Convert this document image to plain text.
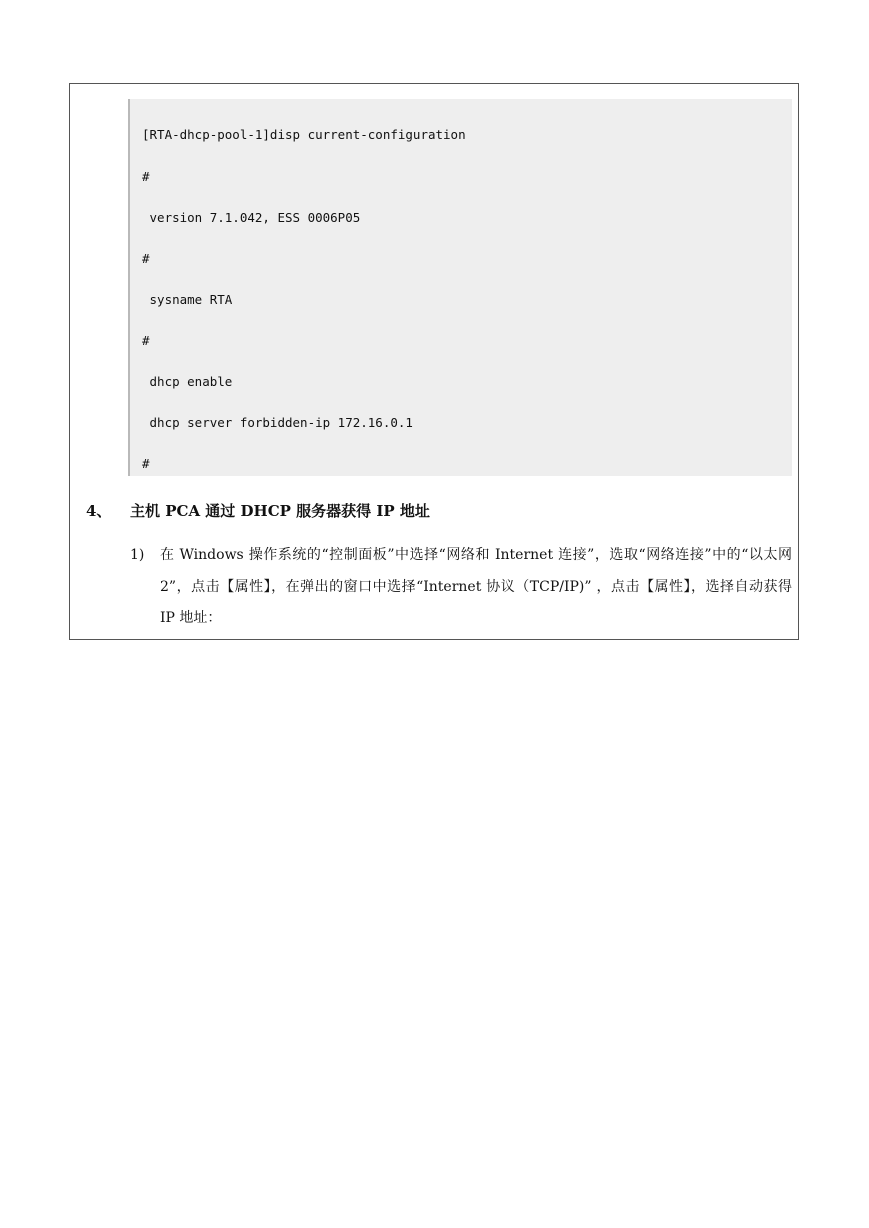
[RTA-dhcp-pool-1]disp current-configuration

#

version 7.1.042, ESS 0006P05

#

sysname RTA

#

dhcp enable

dhcp server forbidden-ip 172.16.0.1

#

4、 主机 PCA 通过 DHCP 服务器获得 IP 地址
1) 在 Windows 操作系统的“控制面板”中选择“网络和 Internet 连接”，选取“网络连接”中的“以太网 2”，点击【属性】，在弹出的窗口中选择“Internet 协议（TCP/IP)” ，点击【属性】，选择自动获得 IP 地址：
